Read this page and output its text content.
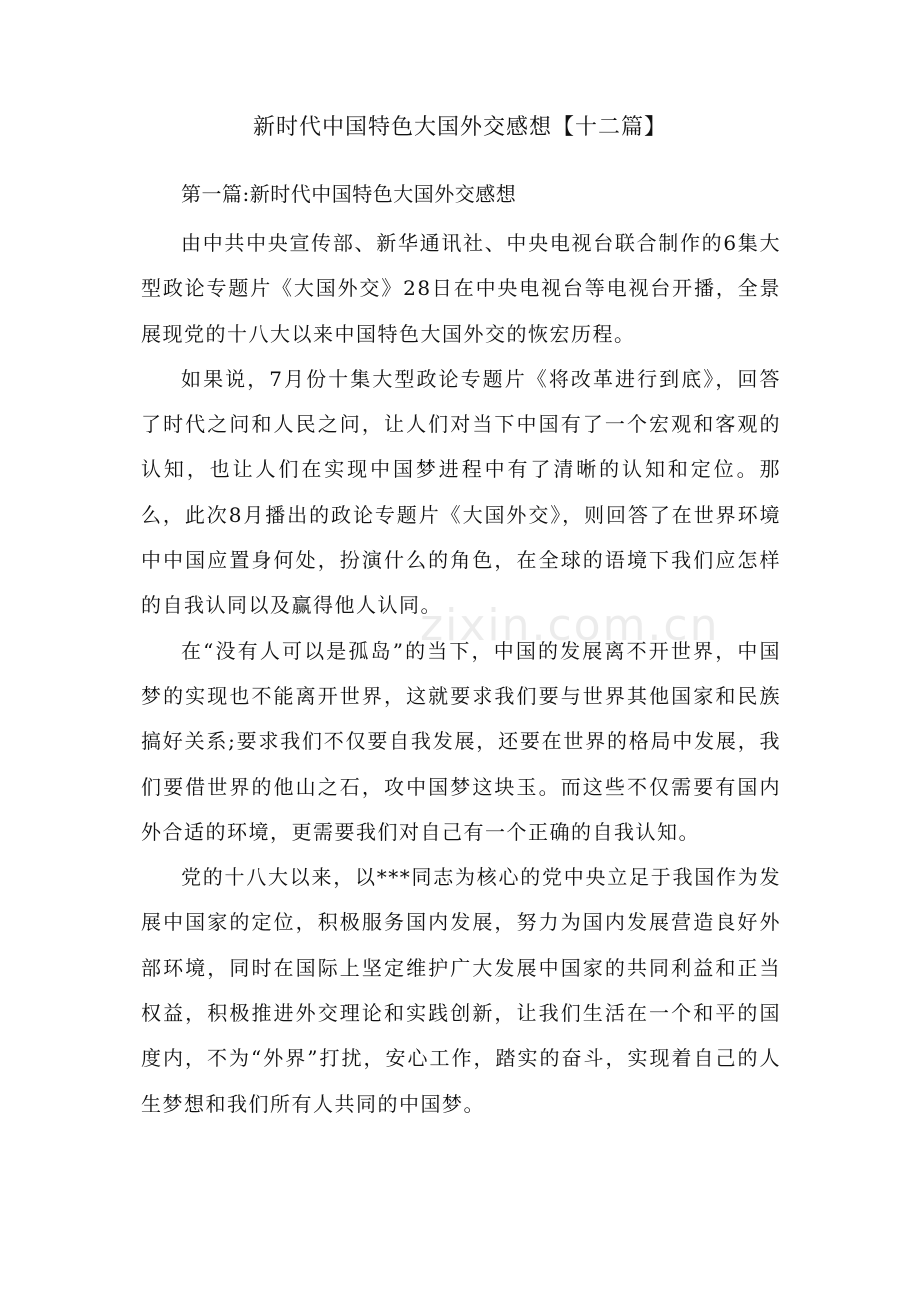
新时代中国特色大国外交感想【十二篇】
第一篇:新时代中国特色大国外交感想

由中共中央宣传部、新华通讯社、中央电视台联合制作的6集大型政论专题片《大国外交》28日在中央电视台等电视台开播，全景展现党的十八大以来中国特色大国外交的恢宏历程。

如果说，7月份十集大型政论专题片《将改革进行到底》，回答了时代之问和人民之问，让人们对当下中国有了一个宏观和客观的认知，也让人们在实现中国梦进程中有了清晰的认知和定位。那么，此次8月播出的政论专题片《大国外交》，则回答了在世界环境中中国应置身何处，扮演什么的角色，在全球的语境下我们应怎样的自我认同以及赢得他人认同。

在“没有人可以是孤岛”的当下，中国的发展离不开世界，中国梦的实现也不能离开世界，这就要求我们要与世界其他国家和民族搞好关系;要求我们不仅要自我发展，还要在世界的格局中发展，我们要借世界的他山之石，攻中国梦这块玉。而这些不仅需要有国内外合适的环境，更需要我们对自己有一个正确的自我认知。

党的十八大以来，以***同志为核心的党中央立足于我国作为发展中国家的定位，积极服务国内发展，努力为国内发展营造良好外部环境，同时在国际上坚定维护广大发展中国家的共同利益和正当权益，积极推进外交理论和实践创新，让我们生活在一个和平的国度内，不为“外界”打扰，安心工作，踏实的奋斗，实现着自己的人生梦想和我们所有人共同的中国梦。

zixin.com.cn
